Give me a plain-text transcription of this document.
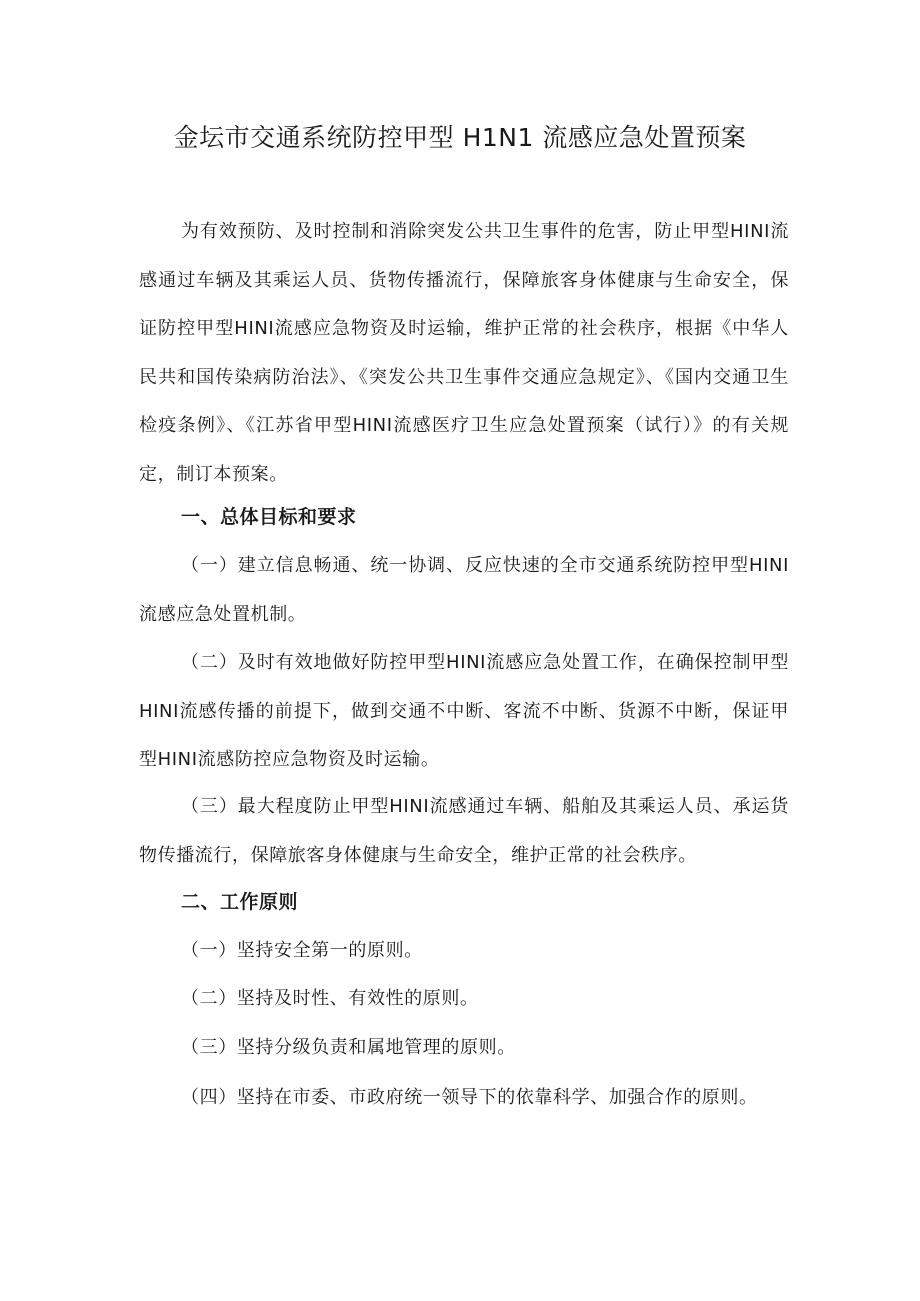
金坛市交通系统防控甲型 H1N1 流感应急处置预案

为有效预防、及时控制和消除突发公共卫生事件的危害，防止甲型HINI流感通过车辆及其乘运人员、货物传播流行，保障旅客身体健康与生命安全，保证防控甲型HINI流感应急物资及时运输，维护正常的社会秩序，根据《中华人民共和国传染病防治法》、《突发公共卫生事件交通应急规定》、《国内交通卫生检疫条例》、《江苏省甲型HINI流感医疗卫生应急处置预案（试行）》的有关规定，制订本预案。

一、总体目标和要求

（一）建立信息畅通、统一协调、反应快速的全市交通系统防控甲型HINI流感应急处置机制。

（二）及时有效地做好防控甲型HINI流感应急处置工作，在确保控制甲型HINI流感传播的前提下，做到交通不中断、客流不中断、货源不中断，保证甲型HINI流感防控应急物资及时运输。

（三）最大程度防止甲型HINI流感通过车辆、船舶及其乘运人员、承运货物传播流行，保障旅客身体健康与生命安全，维护正常的社会秩序。

二、工作原则

（一）坚持安全第一的原则。

（二）坚持及时性、有效性的原则。

（三）坚持分级负责和属地管理的原则。

（四）坚持在市委、市政府统一领导下的依靠科学、加强合作的原则。
